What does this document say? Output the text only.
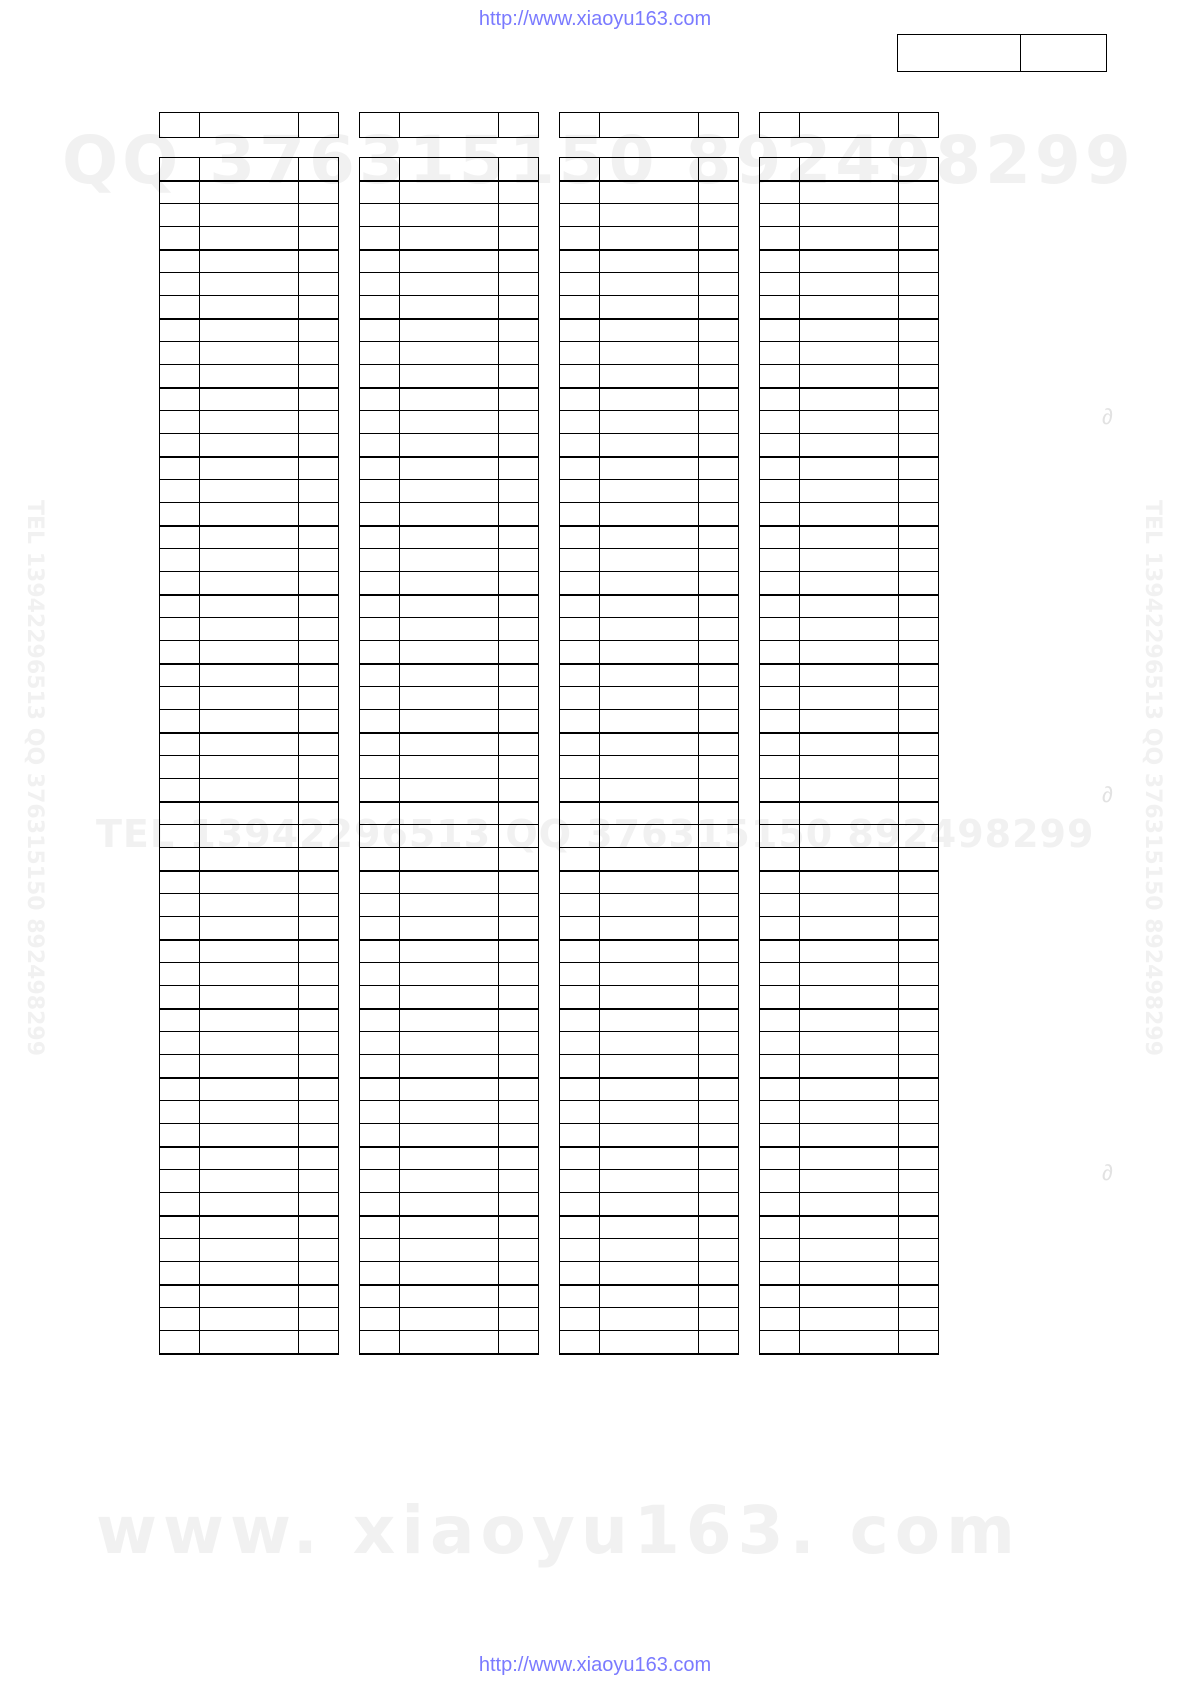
http://www.xiaoyu163.com
QQ 376315150 892498299
TEL 13942296513 QQ 376315150 892498299
www. xiaoyu163. com
TEL 13942296513 QQ 376315150 892498299	TEL 13942296513 QQ 376315150 892498299
∂
∂
∂

http://www.xiaoyu163.com
